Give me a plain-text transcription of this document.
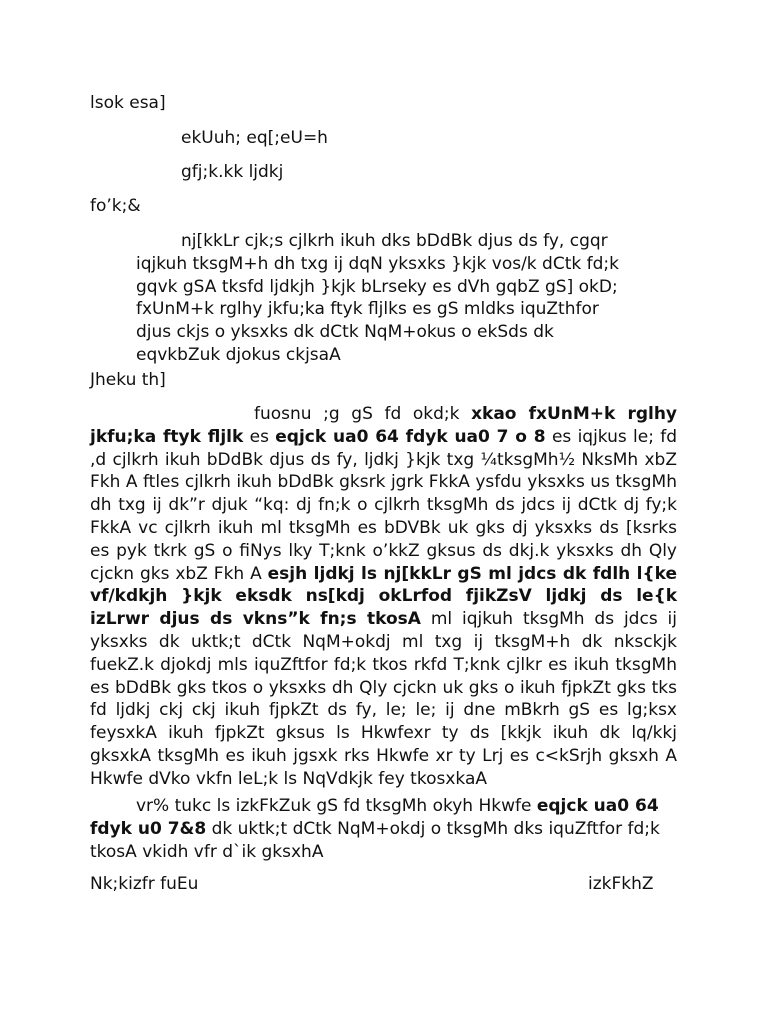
lsok esa]

ekUuh; eq[;eU=h

gfj;k.kk ljdkj

fo’k;&

nj[kkLr cjk;s cjlkrh ikuh dks bDdBk djus ds fy, cgqr iqjkuh tksgM+h dh txg ij dqN yksxks }kjk vos/k dCtk fd;k gqvk gSA tksfd ljdkjh }kjk bLrseky es dVh gqbZ gS] okD; fxUnM+k rglhy jkfu;ka ftyk fljlks es gS mldks iquZthfor djus ckjs o yksxks dk dCtk NqM+okus o ekSds dk eqvkbZuk djokus ckjsaA

Jheku th]

fuosnu ;g gS fd okd;k xkao fxUnM+k rglhy jkfu;ka ftyk fljlk es eqjck ua0 64 fdyk ua0 7 o 8 es iqjkus le; fd ,d cjlkrh ikuh bDdBk djus ds fy, ljdkj }kjk txg ¼tksgMh½ NksMh xbZ Fkh A ftles cjlkrh ikuh bDdBk gksrk jgrk FkkA ysfdu yksxks us tksgMh dh txg ij dk”r djuk “kq: dj fn;k o cjlkrh tksgMh ds jdcs ij dCtk dj fy;k FkkA vc cjlkrh ikuh ml tksgMh es bDVBk uk gks dj yksxks ds [ksrks es pyk tkrk gS o fiNys lky T;knk o’kkZ gksus ds dkj.k yksxks dh Qly cjckn gks xbZ Fkh A esjh ljdkj ls nj[kkLr gS ml jdcs dk fdlh l{ke vf/kdkjh }kjk eksdk ns[kdj okLrfod fjikZsV ljdkj ds le{k izLrwr djus ds vkns”k fn;s tkosA ml iqjkuh tksgMh ds jdcs ij yksxks dk uktk;t dCtk NqM+okdj ml txg ij tksgM+h dk nksckjk fuekZ.k djokdj mls iquZftfor fd;k tkos rkfd T;knk cjlkr es ikuh tksgMh es bDdBk gks tkos o yksxks dh Qly cjckn uk gks o ikuh fjpkZt gks tks fd ljdkj ckj ckj ikuh fjpkZt ds fy, le; le; ij dne mBkrh gS es lg;ksx feysxkA ikuh fjpkZt gksus ls Hkwfexr ty ds [kkjk ikuh dk lq/kkj gksxkA tksgMh es ikuh jgsxk rks Hkwfe xr ty Lrj es c<kSrjh gksxh A Hkwfe dVko vkfn leL;k ls NqVdkjk fey tkosxkaA

vr% tukc ls izkFkZuk gS fd tksgMh okyh Hkwfe eqjck ua0 64 fdyk u0 7&8 dk uktk;t dCtk NqM+okdj o tksgMh dks iquZftfor fd;k tkosA vkidh vfr d`ik gksxhA

Nk;kizfr fuEu	izkFkhZ
